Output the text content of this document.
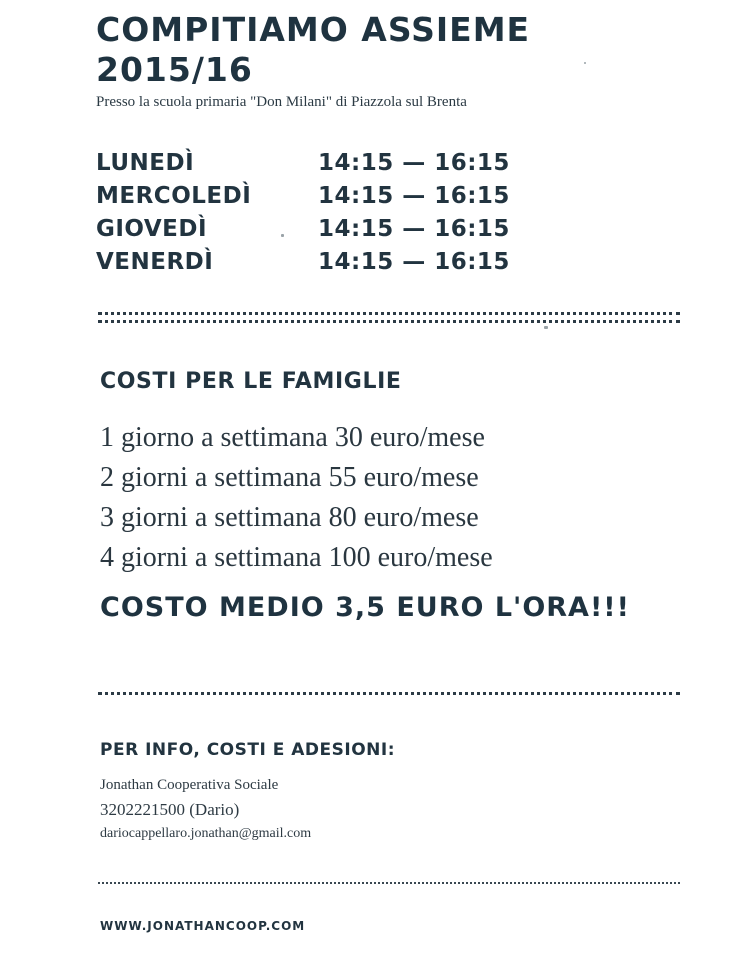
COMPITIAMO ASSIEME
2015/16
Presso la scuola primaria "Don Milani" di Piazzola sul Brenta
LUNEDÌ	14:15 — 16:15
MERCOLEDÌ	14:15 — 16:15
GIOVEDÌ	14:15 — 16:15
VENERDÌ	14:15 — 16:15
COSTI PER LE FAMIGLIE
1 giorno a settimana 30 euro/mese
2 giorni a settimana 55 euro/mese
3 giorni a settimana 80 euro/mese
4 giorni a settimana 100 euro/mese
COSTO MEDIO 3,5 EURO L'ORA!!!
PER INFO, COSTI E ADESIONI:
Jonathan Cooperativa Sociale
3202221500 (Dario)
dariocappellaro.jonathan@gmail.com
WWW.JONATHANCOOP.COM
